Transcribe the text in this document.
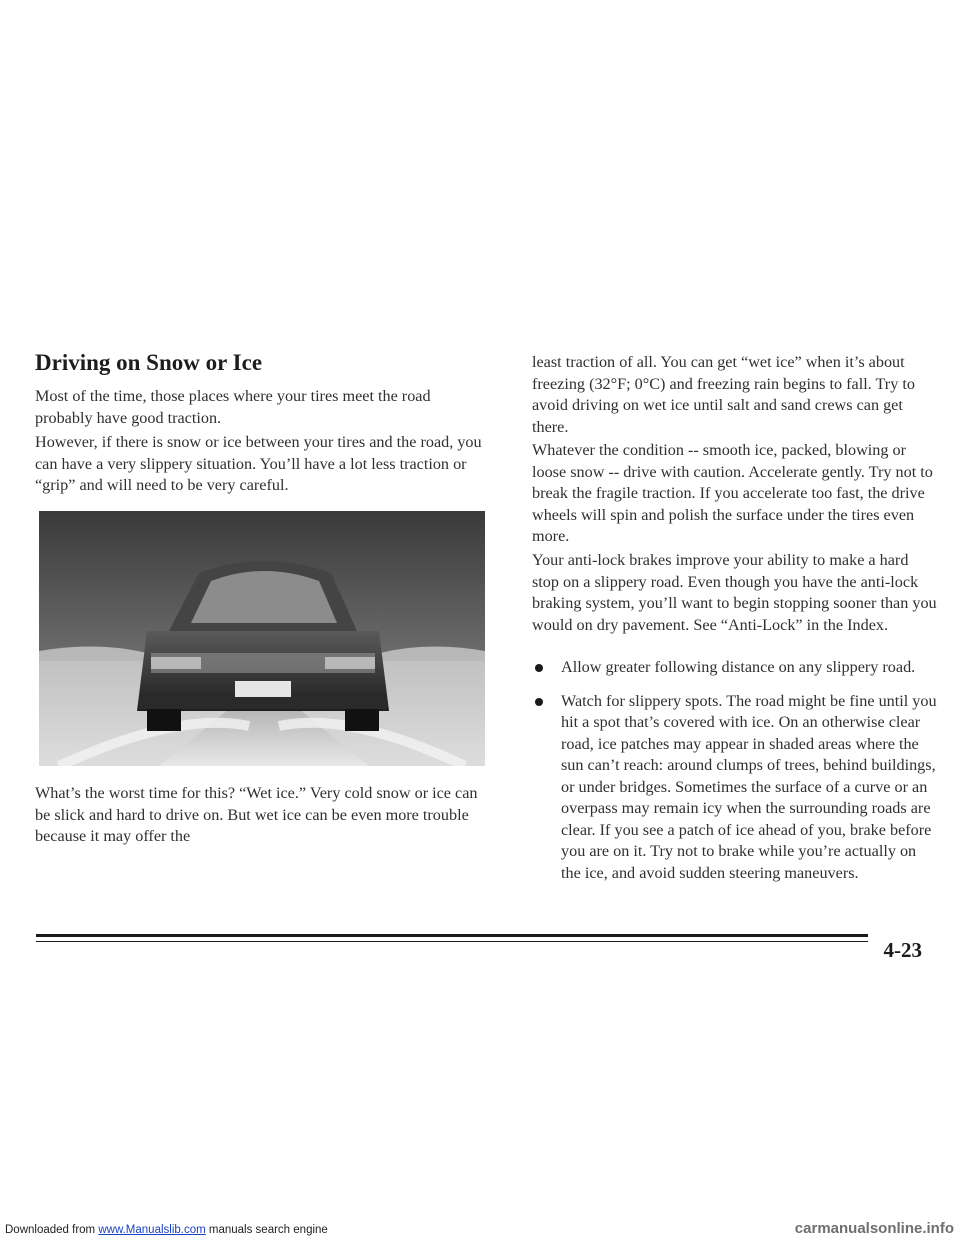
Driving on Snow or Ice

Most of the time, those places where your tires meet the road probably have good traction.

However, if there is snow or ice between your tires and the road, you can have a very slippery situation. You’ll have a lot less traction or “grip” and will need to be very careful.

What’s the worst time for this? “Wet ice.” Very cold snow or ice can be slick and hard to drive on. But wet ice can be even more trouble because it may offer the

least traction of all. You can get “wet ice” when it’s about freezing (32°F; 0°C) and freezing rain begins to fall. Try to avoid driving on wet ice until salt and sand crews can get there.

Whatever the condition -- smooth ice, packed, blowing or loose snow -- drive with caution. Accelerate gently. Try not to break the fragile traction. If you accelerate too fast, the drive wheels will spin and polish the surface under the tires even more.

Your anti-lock brakes improve your ability to make a hard stop on a slippery road. Even though you have the anti-lock braking system, you’ll want to begin stopping sooner than you would on dry pavement. See “Anti-Lock” in the Index.

Allow greater following distance on any slippery road.
Watch for slippery spots. The road might be fine until you hit a spot that’s covered with ice. On an otherwise clear road, ice patches may appear in shaded areas where the sun can’t reach: around clumps of trees, behind buildings, or under bridges. Sometimes the surface of a curve or an overpass may remain icy when the surrounding roads are clear. If you see a patch of ice ahead of you, brake before you are on it. Try not to brake while you’re actually on the ice, and avoid sudden steering maneuvers.
4-23
Downloaded from www.Manualslib.com manuals search engine	carmanualsonline.info
